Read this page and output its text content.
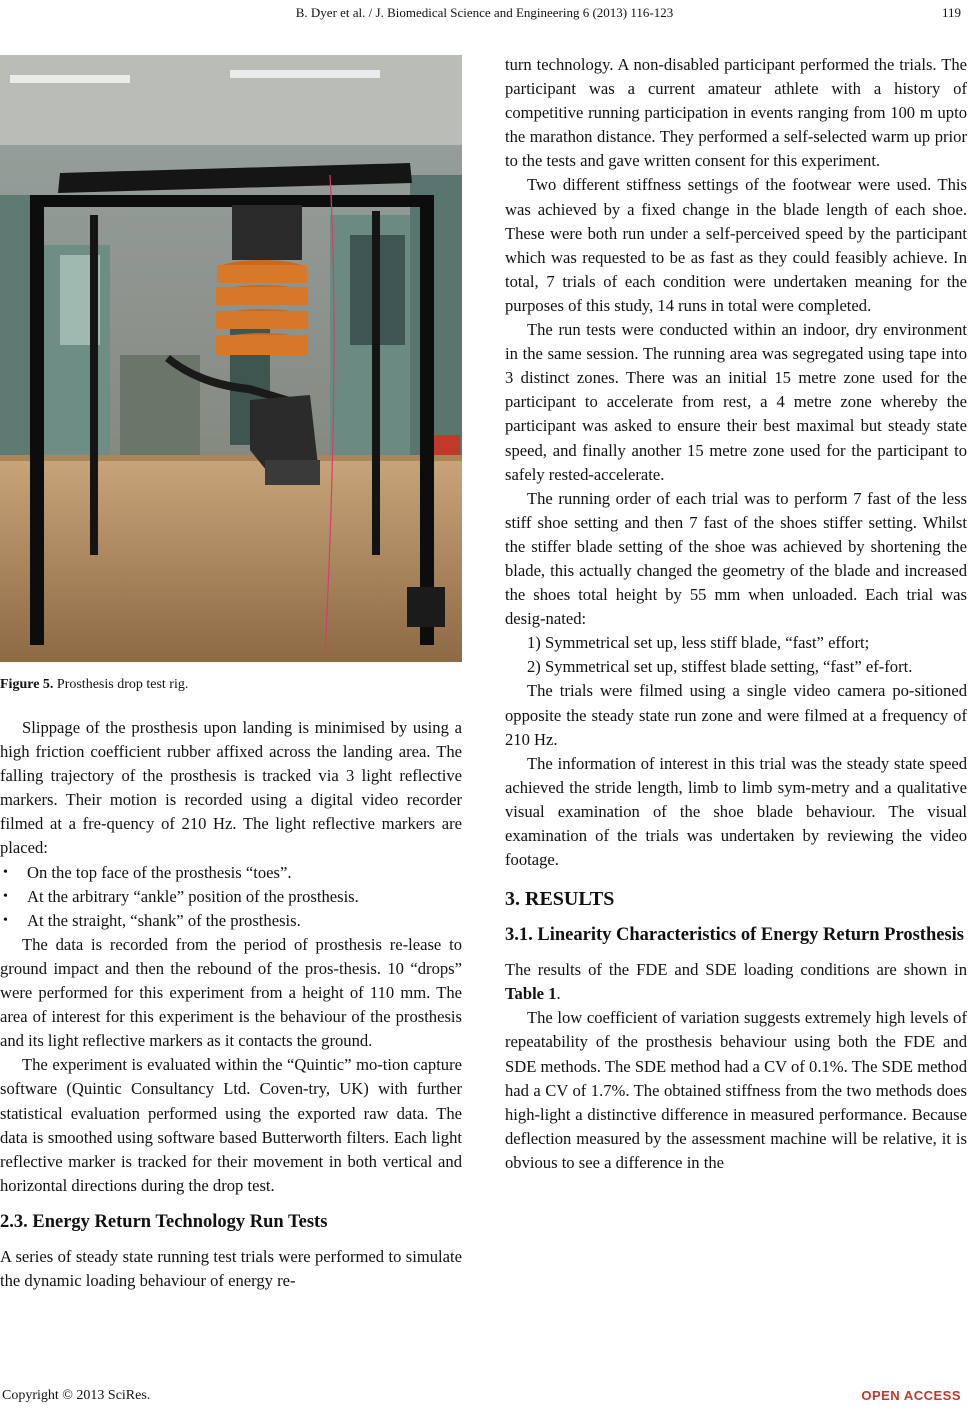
B. Dyer et al. / J. Biomedical Science and Engineering 6 (2013) 116-123	119
Figure 5. Prosthesis drop test rig.

Slippage of the prosthesis upon landing is minimised by using a high friction coefficient rubber affixed across the landing area. The falling trajectory of the prosthesis is tracked via 3 light reflective markers. Their motion is recorded using a digital video recorder filmed at a fre-quency of 210 Hz. The light reflective markers are placed:

• On the top face of the prosthesis “toes”.
• At the arbitrary “ankle” position of the prosthesis.
• At the straight, “shank” of the prosthesis.

The data is recorded from the period of prosthesis re-lease to ground impact and then the rebound of the pros-thesis. 10 “drops” were performed for this experiment from a height of 110 mm. The area of interest for this experiment is the behaviour of the prosthesis and its light reflective markers as it contacts the ground.

The experiment is evaluated within the “Quintic” mo-tion capture software (Quintic Consultancy Ltd. Coven-try, UK) with further statistical evaluation performed using the exported raw data. The data is smoothed using software based Butterworth filters. Each light reflective marker is tracked for their movement in both vertical and horizontal directions during the drop test.

2.3. Energy Return Technology Run Tests

A series of steady state running test trials were performed to simulate the dynamic loading behaviour of energy re-

turn technology. A non-disabled participant performed the trials. The participant was a current amateur athlete with a history of competitive running participation in events ranging from 100 m upto the marathon distance. They performed a self-selected warm up prior to the tests and gave written consent for this experiment.

Two different stiffness settings of the footwear were used. This was achieved by a fixed change in the blade length of each shoe. These were both run under a self-perceived speed by the participant which was requested to be as fast as they could feasibly achieve. In total, 7 trials of each condition were undertaken meaning for the purposes of this study, 14 runs in total were completed.

The run tests were conducted within an indoor, dry environment in the same session. The running area was segregated using tape into 3 distinct zones. There was an initial 15 metre zone used for the participant to accelerate from rest, a 4 metre zone whereby the participant was asked to ensure their best maximal but steady state speed, and finally another 15 metre zone used for the participant to safely rested-accelerate.

The running order of each trial was to perform 7 fast of the less stiff shoe setting and then 7 fast of the shoes stiffer setting. Whilst the stiffer blade setting of the shoe was achieved by shortening the blade, this actually changed the geometry of the blade and increased the shoes total height by 55 mm when unloaded. Each trial was desig-nated:

1) Symmetrical set up, less stiff blade, “fast” effort;

2) Symmetrical set up, stiffest blade setting, “fast” ef-fort.

The trials were filmed using a single video camera po-sitioned opposite the steady state run zone and were filmed at a frequency of 210 Hz.

The information of interest in this trial was the steady state speed achieved the stride length, limb to limb sym-metry and a qualitative visual examination of the shoe blade behaviour. The visual examination of the trials was undertaken by reviewing the video footage.

3. RESULTS
3.1. Linearity Characteristics of Energy Return Prosthesis

The results of the FDE and SDE loading conditions are shown in Table 1.

The low coefficient of variation suggests extremely high levels of repeatability of the prosthesis behaviour using both the FDE and SDE methods. The SDE method had a CV of 0.1%. The SDE method had a CV of 1.7%. The obtained stiffness from the two methods does high-light a distinctive difference in measured performance. Because deflection measured by the assessment machine will be relative, it is obvious to see a difference in the

Copyright © 2013 SciRes.	OPEN ACCESS
